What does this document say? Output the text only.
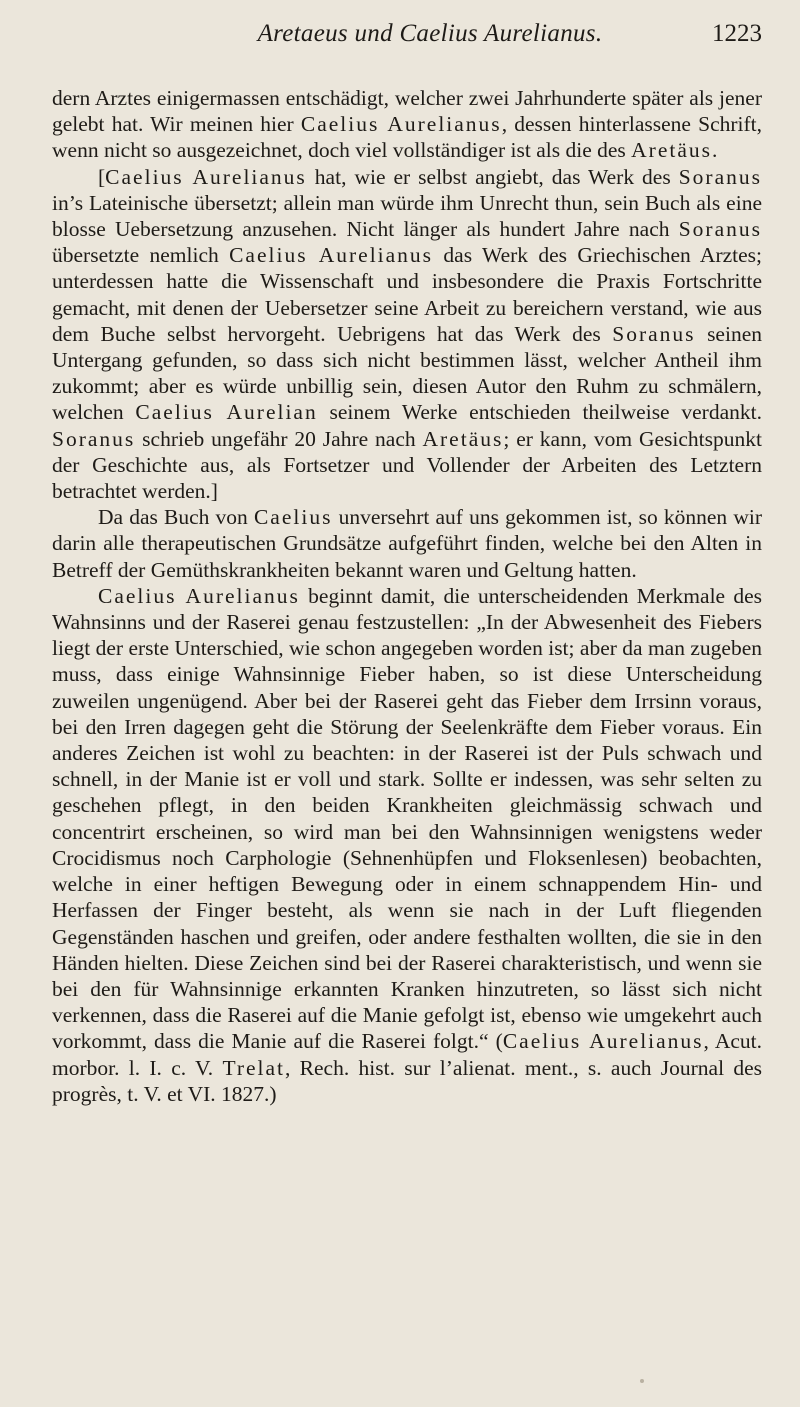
Aretaeus und Caelius Aurelianus.	1223

dern Arztes einigermassen entschädigt, welcher zwei Jahrhunderte später als jener gelebt hat. Wir meinen hier Caelius Aurelianus, dessen hinterlassene Schrift, wenn nicht so ausgezeichnet, doch viel vollständiger ist als die des Aretäus.

[Caelius Aurelianus hat, wie er selbst angiebt, das Werk des Soranus in’s Lateinische übersetzt; allein man würde ihm Unrecht thun, sein Buch als eine blosse Uebersetzung anzusehen. Nicht länger als hundert Jahre nach Soranus übersetzte nemlich Caelius Aurelianus das Werk des Griechischen Arztes; unterdessen hatte die Wissenschaft und insbesondere die Praxis Fortschritte gemacht, mit denen der Uebersetzer seine Arbeit zu bereichern verstand, wie aus dem Buche selbst hervorgeht. Uebrigens hat das Werk des Soranus seinen Untergang gefunden, so dass sich nicht bestimmen lässt, welcher Antheil ihm zukommt; aber es würde unbillig sein, diesen Autor den Ruhm zu schmälern, welchen Caelius Aurelian seinem Werke entschieden theilweise verdankt. Soranus schrieb ungefähr 20 Jahre nach Aretäus; er kann, vom Gesichtspunkt der Geschichte aus, als Fortsetzer und Vollender der Arbeiten des Letztern betrachtet werden.]

Da das Buch von Caelius unversehrt auf uns gekommen ist, so können wir darin alle therapeutischen Grundsätze aufgeführt finden, welche bei den Alten in Betreff der Gemüthskrankheiten bekannt waren und Geltung hatten.

Caelius Aurelianus beginnt damit, die unterscheidenden Merkmale des Wahnsinns und der Raserei genau festzustellen: „In der Abwesenheit des Fiebers liegt der erste Unterschied, wie schon angegeben worden ist; aber da man zugeben muss, dass einige Wahnsinnige Fieber haben, so ist diese Unterscheidung zuweilen ungenügend. Aber bei der Raserei geht das Fieber dem Irrsinn voraus, bei den Irren dagegen geht die Störung der Seelenkräfte dem Fieber voraus. Ein anderes Zeichen ist wohl zu beachten: in der Raserei ist der Puls schwach und schnell, in der Manie ist er voll und stark. Sollte er indessen, was sehr selten zu geschehen pflegt, in den beiden Krankheiten gleichmässig schwach und concentrirt erscheinen, so wird man bei den Wahnsinnigen wenigstens weder Crocidismus noch Carphologie (Sehnenhüpfen und Floksenlesen) beobachten, welche in einer heftigen Bewegung oder in einem schnappendem Hin- und Herfassen der Finger besteht, als wenn sie nach in der Luft fliegenden Gegenständen haschen und greifen, oder andere festhalten wollten, die sie in den Händen hielten. Diese Zeichen sind bei der Raserei charakteristisch, und wenn sie bei den für Wahnsinnige erkannten Kranken hinzutreten, so lässt sich nicht verkennen, dass die Raserei auf die Manie gefolgt ist, ebenso wie umgekehrt auch vorkommt, dass die Manie auf die Raserei folgt.“ (Caelius Aurelianus, Acut. morbor. l. I. c. V. Trelat, Rech. hist. sur l’alienat. ment., s. auch Journal des progrès, t. V. et VI. 1827.)
